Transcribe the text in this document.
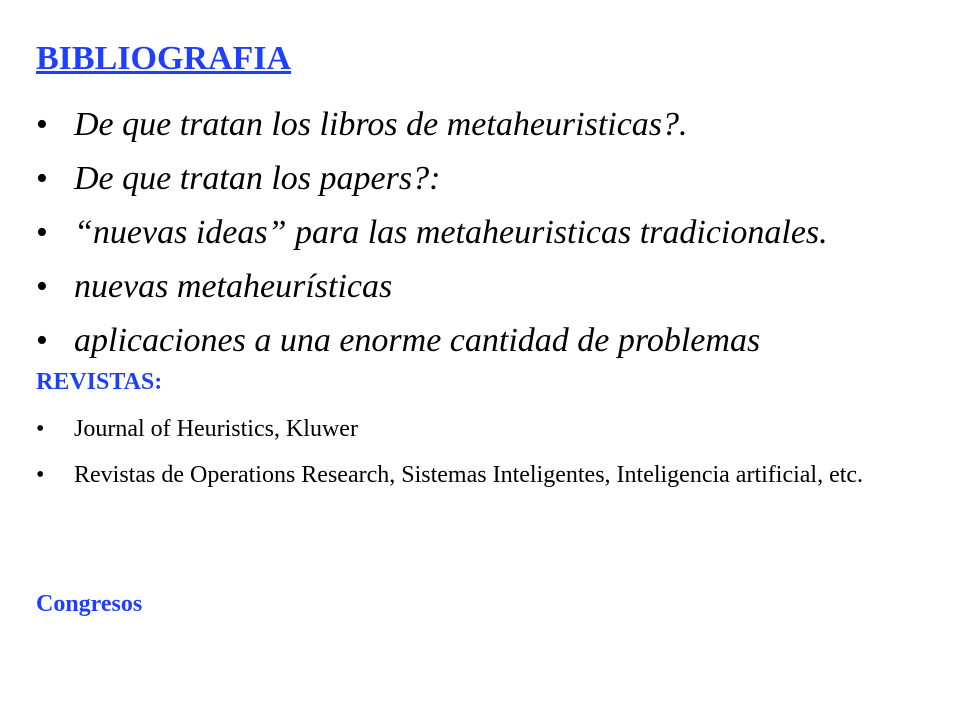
BIBLIOGRAFIA
• De que tratan los libros de metaheuristicas?.
• De que tratan los papers?:
• “nuevas ideas” para las metaheuristicas tradicionales.
• nuevas metaheurísticas
• aplicaciones a una enorme cantidad de problemas
REVISTAS:
•	Journal of Heuristics, Kluwer
•	Revistas de Operations Research, Sistemas Inteligentes, Inteligencia artificial, etc.
Congresos
